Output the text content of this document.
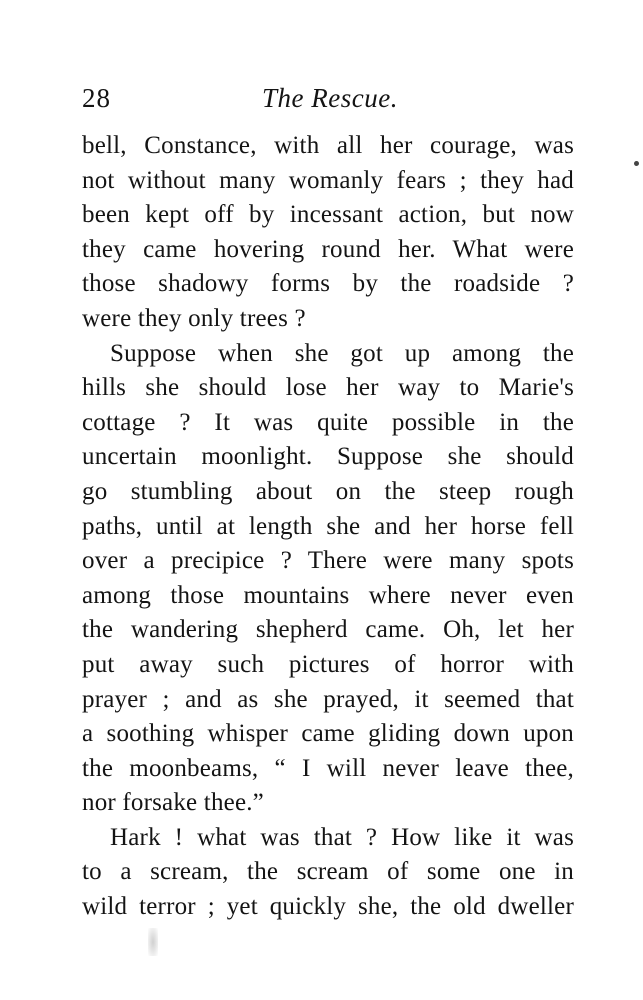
28	The Rescue.
bell, Constance, with all her courage, was
not without many womanly fears ; they had
been kept off by incessant action, but now
they came hovering round her. What were
those shadowy forms by the roadside ?
were they only trees ?
Suppose when she got up among the
hills she should lose her way to Marie's
cottage ? It was quite possible in the
uncertain moonlight. Suppose she should
go stumbling about on the steep rough
paths, until at length she and her horse fell
over a precipice ? There were many spots
among those mountains where never even
the wandering shepherd came. Oh, let her
put away such pictures of horror with
prayer ; and as she prayed, it seemed that
a soothing whisper came gliding down upon
the moonbeams, “ I will never leave thee,
nor forsake thee.”
Hark ! what was that ? How like it was
to a scream, the scream of some one in
wild terror ; yet quickly she, the old dweller
